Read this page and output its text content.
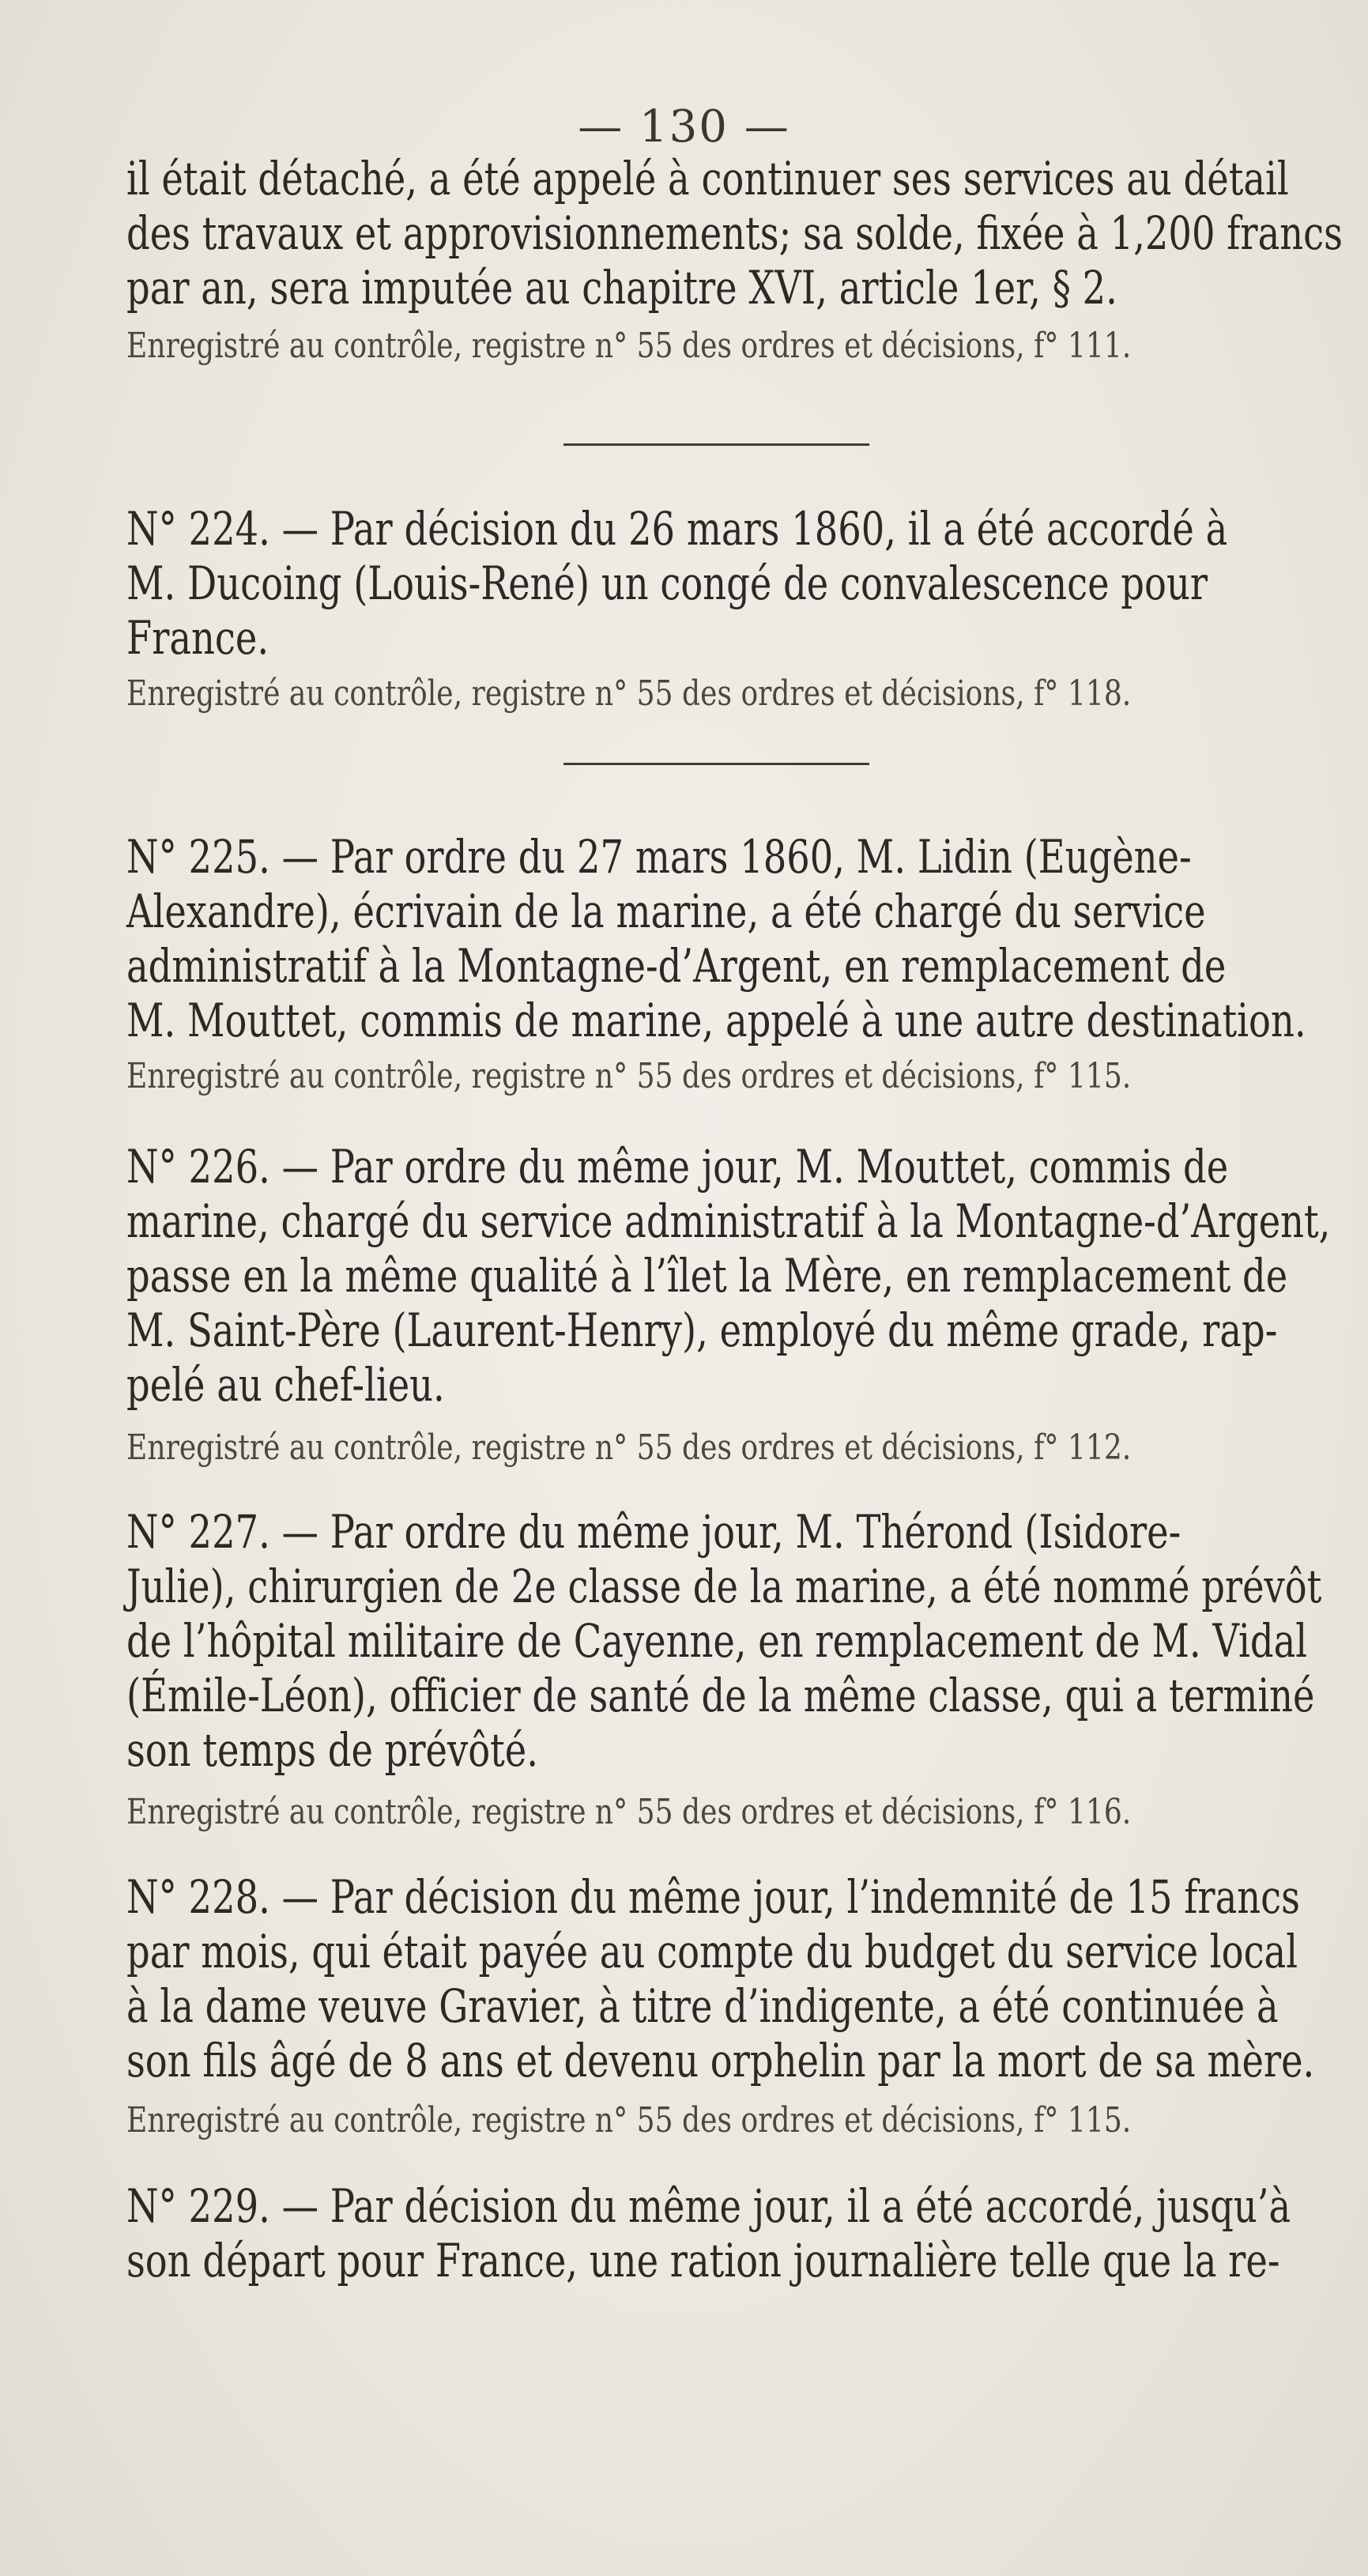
— 130 —
il était détaché, a été appelé à continuer ses services au détail
des travaux et approvisionnements; sa solde, fixée à 1,200 francs
par an, sera imputée au chapitre XVI, article 1er, § 2.
Enregistré au contrôle, registre n° 55 des ordres et décisions, f° 111.
N° 224. — Par décision du 26 mars 1860, il a été accordé à
M. Ducoing (Louis-René) un congé de convalescence pour
France.
Enregistré au contrôle, registre n° 55 des ordres et décisions, f° 118.
N° 225. — Par ordre du 27 mars 1860, M. Lidin (Eugène-
Alexandre), écrivain de la marine, a été chargé du service
administratif à la Montagne-d’Argent, en remplacement de
M. Mouttet, commis de marine, appelé à une autre destination.
Enregistré au contrôle, registre n° 55 des ordres et décisions, f° 115.
N° 226. — Par ordre du même jour, M. Mouttet, commis de
marine, chargé du service administratif à la Montagne-d’Argent,
passe en la même qualité à l’îlet la Mère, en remplacement de
M. Saint-Père (Laurent-Henry), employé du même grade, rap-
pelé au chef-lieu.
Enregistré au contrôle, registre n° 55 des ordres et décisions, f° 112.
N° 227. — Par ordre du même jour, M. Thérond (Isidore-
Julie), chirurgien de 2e classe de la marine, a été nommé prévôt
de l’hôpital militaire de Cayenne, en remplacement de M. Vidal
(Émile-Léon), officier de santé de la même classe, qui a terminé
son temps de prévôté.
Enregistré au contrôle, registre n° 55 des ordres et décisions, f° 116.
N° 228. — Par décision du même jour, l’indemnité de 15 francs
par mois, qui était payée au compte du budget du service local
à la dame veuve Gravier, à titre d’indigente, a été continuée à
son fils âgé de 8 ans et devenu orphelin par la mort de sa mère.
Enregistré au contrôle, registre n° 55 des ordres et décisions, f° 115.
N° 229. — Par décision du même jour, il a été accordé, jusqu’à
son départ pour France, une ration journalière telle que la re-
